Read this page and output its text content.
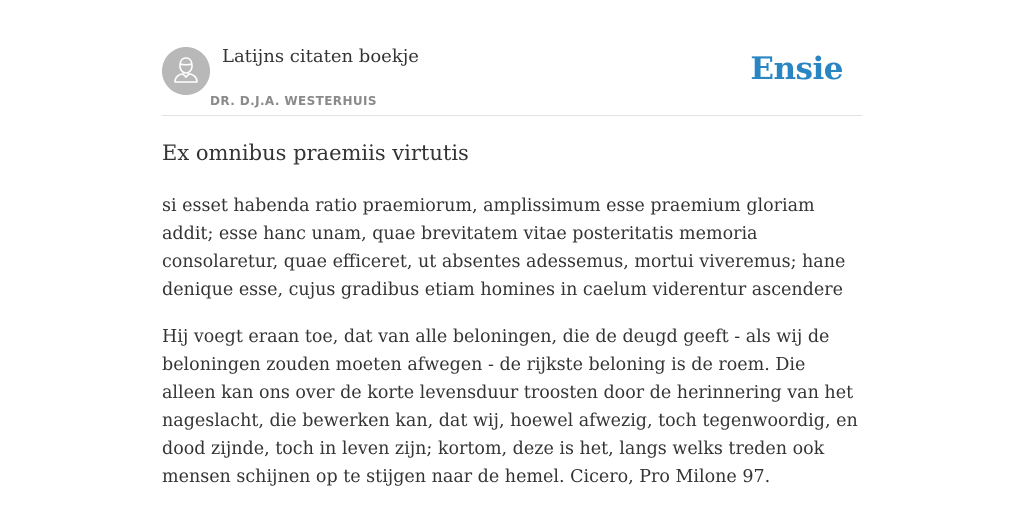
Latijns citaten boekje
DR. D.J.A. WESTERHUIS
Ensie
Ex omnibus praemiis virtutis

si esset habenda ratio praemiorum, amplissimum esse praemium gloriam addit; esse hanc unam, quae brevitatem vitae posteritatis memoria consolaretur, quae efficeret, ut absentes adessemus, mortui viveremus; hane denique esse, cujus gradibus etiam homines in caelum viderentur ascendere

Hij voegt eraan toe, dat van alle beloningen, die de deugd geeft - als wij de beloningen zouden moeten afwegen - de rijkste beloning is de roem. Die alleen kan ons over de korte levensduur troosten door de herinnering van het nageslacht, die bewerken kan, dat wij, hoewel afwezig, toch tegenwoordig, en dood zijnde, toch in leven zijn; kortom, deze is het, langs welks treden ook mensen schijnen op te stijgen naar de hemel. Cicero, Pro Milone 97.
